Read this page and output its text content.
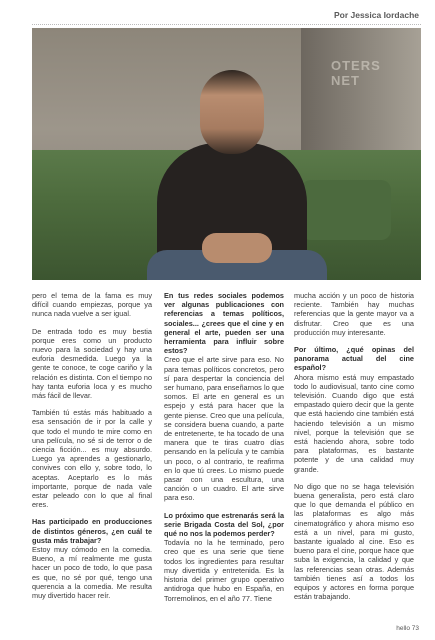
Por Jessica Iordache
OTERS NET

pero el tema de la fama es muy difícil cuando empiezas, porque ya nunca nada vuelve a ser igual.

De entrada todo es muy bestia porque eres como un producto nuevo para la sociedad y hay una euforia desmedida. Luego ya la gente te conoce, te coge cariño y la relación es distinta. Con el tiempo no hay tanta euforia loca y es mucho más fácil de llevar.

También tú estás más habituado a esa sensación de ir por la calle y que todo el mundo te mire como en una película, no sé si de terror o de ciencia ficción... es muy absurdo. Luego ya aprendes a gestionarlo, convives con ello y, sobre todo, lo aceptas. Aceptarlo es lo más importante, porque de nada vale estar peleado con lo que al final eres.

Has participado en producciones de distintos géneros, ¿en cuál te gusta más trabajar?

Estoy muy cómodo en la comedia. Bueno, a mí realmente me gusta hacer un poco de todo, lo que pasa es que, no sé por qué, tengo una querencia a la comedia. Me resulta muy divertido hacer reír.

En tus redes sociales podemos ver algunas publicaciones con referencias a temas políticos, sociales... ¿crees que el cine y en general el arte, pueden ser una herramienta para influir sobre estos?

Creo que el arte sirve para eso. No para temas políticos concretos, pero sí para despertar la conciencia del ser humano, para enseñarnos lo que somos. El arte en general es un espejo y está para hacer que la gente piense. Creo que una película, se considera buena cuando, a parte de entretenerte, te ha tocado de una manera que te tiras cuatro días pensando en la película y te cambia un poco, o al contrario, te reafirma en lo que tú crees. Lo mismo puede pasar con una escultura, una canción o un cuadro. El arte sirve para eso.

Lo próximo que estrenarás será la serie Brigada Costa del Sol, ¿por qué no nos la podemos perder?

Todavía no la he terminado, pero creo que es una serie que tiene todos los ingredientes para resultar muy divertida y entretenida. Es la historia del primer grupo operativo antidroga que hubo en España, en Torremolinos, en el año 77. Tiene

mucha acción y un poco de historia reciente. También hay muchas referencias que la gente mayor va a disfrutar. Creo que es una producción muy interesante.

Por último, ¿qué opinas del panorama actual del cine español?

Ahora mismo está muy empastado todo lo audiovisual, tanto cine como televisión. Cuando digo que está empastado quiero decir que la gente que está haciendo cine también está haciendo televisión a un mismo nivel, porque la televisión que se está haciendo ahora, sobre todo para plataformas, es bastante potente y de una calidad muy grande.

No digo que no se haga televisión buena generalista, pero está claro que lo que demanda el público en las plataformas es algo más cinematográfico y ahora mismo eso está a un nivel, para mi gusto, bastante igualado al cine. Eso es bueno para el cine, porque hace que suba la exigencia, la calidad y que las referencias sean otras. Además también tienes así a todos los equipos y actores en forma porque están trabajando.

hello 73
